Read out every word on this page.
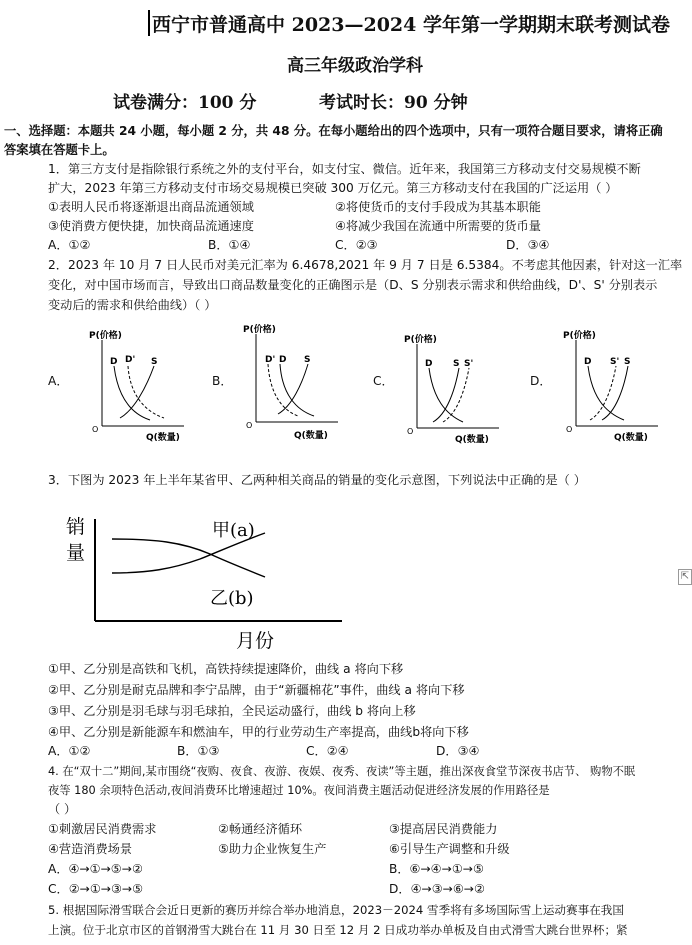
西宁市普通高中 2023—2024 学年第一学期期末联考测试卷
高三年级政治学科
试卷满分：100 分	考试时长：90 分钟
一、选择题：本题共 24 小题，每小题 2 分，共 48 分。在每小题给出的四个选项中，只有一项符合题目要求，请将正确
答案填在答题卡上。
1．第三方支付是指除银行系统之外的支付平台，如支付宝、微信。近年来，我国第三方移动支付交易规模不断
扩大，2023 年第三方移动支付市场交易规模已突破 300 万亿元。第三方移动支付在我国的广泛运用（ ）
①表明人民币将逐渐退出商品流通领域	②将使货币的支付手段成为其基本职能
③使消费方便快捷，加快商品流通速度	④将减少我国在流通中所需要的货币量
A．①②	B．①④	C．②③	D．③④
2．2023 年 10 月 7 日人民币对美元汇率为 6.4678,2021 年 9 月 7 日是 6.5384。不考虑其他因素，针对这一汇率
变化，对中国市场而言，导致出口商品数量变化的正确图示是（D、S 分别表示需求和供给曲线，D'、S' 分别表示
变动后的需求和供给曲线）（ ）
A．	B．	C．	D．
P(价格)
O
Q(数量)
D D' S
P(价格)
O
Q(数量)
D' D S
P(价格)
O
Q(数量)
D S S'
P(价格)
O
Q(数量)
D S' S
3．下图为 2023 年上半年某省甲、乙两种相关商品的销量的变化示意图，下列说法中正确的是（ ）
销
量
甲(a)
乙(b)
月份
①甲、乙分别是高铁和飞机，高铁持续提速降价，曲线 a 将向下移
②甲、乙分别是耐克品牌和李宁品牌，由于“新疆棉花”事件，曲线 a 将向下移
③甲、乙分别是羽毛球与羽毛球拍，全民运动盛行，曲线 b 将向上移
④甲、乙分别是新能源车和燃油车，甲的行业劳动生产率提高，曲线b将向下移
A．①②	B．①③	C．②④	D．③④
4. 在“双十二”期间,某市围绕“夜购、夜食、夜游、夜娱、夜秀、夜读”等主题，推出深夜食堂节深夜书店节、 购物不眠
夜等 180 余项特色活动,夜间消费环比增速超过 10%。夜间消费主题活动促进经济发展的作用路径是
（ ）
①刺激居民消费需求	②畅通经济循环	③提高居民消费能力
④营造消费场景	⑤助力企业恢复生产	⑥引导生产调整和升级
A．④→①→⑤→②	B．⑥→④→①→⑤
C．②→①→③→⑤	D．④→③→⑥→②
5. 根据国际滑雪联合会近日更新的赛历并综合举办地消息，2023－2024 雪季将有多场国际雪上运动赛事在我国
上演。位于北京市区的首钢滑雪大跳台在 11 月 30 日至 12 月 2 日成功举办单板及自由式滑雪大跳台世界杯；紧
⇱
